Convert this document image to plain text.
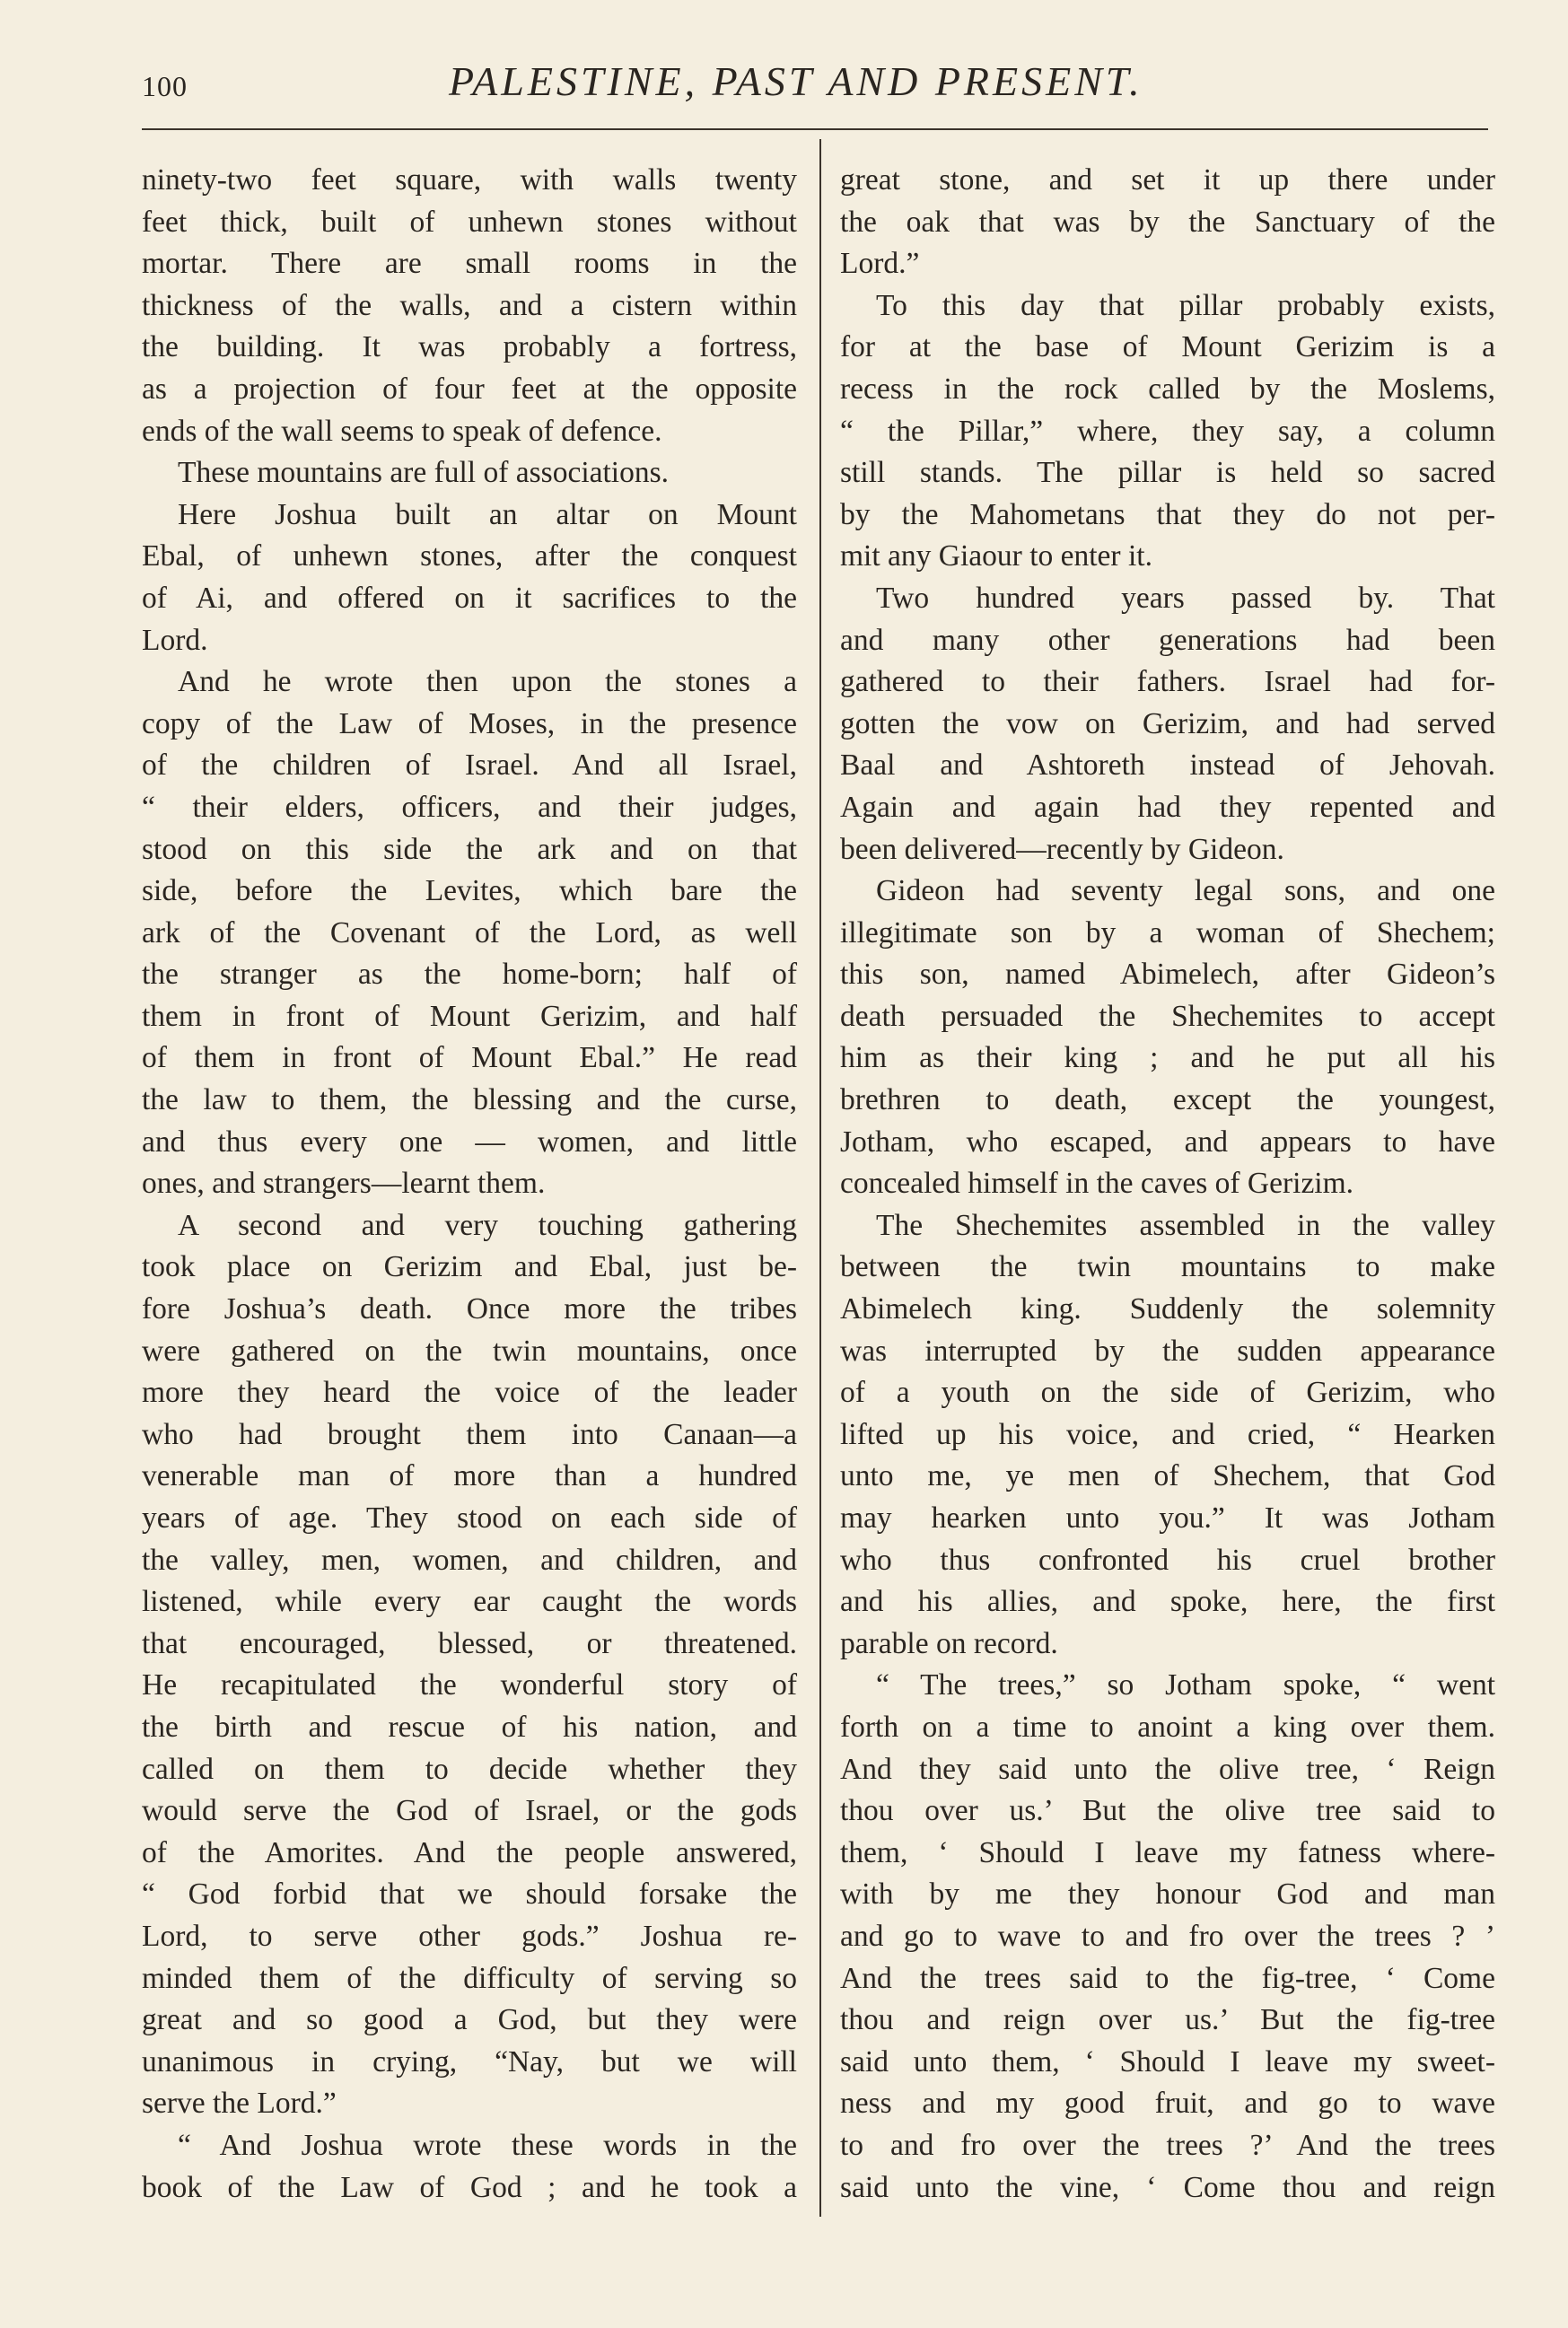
100	PALESTINE, PAST AND PRESENT.
ninety-two feet square, with walls twenty
feet thick, built of unhewn stones without
mortar. There are small rooms in the
thickness of the walls, and a cistern within
the building. It was probably a fortress,
as a projection of four feet at the opposite
ends of the wall seems to speak of defence.
These mountains are full of associations.
Here Joshua built an altar on Mount
Ebal, of unhewn stones, after the conquest
of Ai, and offered on it sacrifices to the
Lord.
And he wrote then upon the stones a
copy of the Law of Moses, in the presence
of the children of Israel. And all Israel,
“ their elders, officers, and their judges,
stood on this side the ark and on that
side, before the Levites, which bare the
ark of the Covenant of the Lord, as well
the stranger as the home-born; half of
them in front of Mount Gerizim, and half
of them in front of Mount Ebal.” He read
the law to them, the blessing and the curse,
and thus every one — women, and little
ones, and strangers—learnt them.
A second and very touching gathering
took place on Gerizim and Ebal, just be-
fore Joshua’s death. Once more the tribes
were gathered on the twin mountains, once
more they heard the voice of the leader
who had brought them into Canaan—a
venerable man of more than a hundred
years of age. They stood on each side of
the valley, men, women, and children, and
listened, while every ear caught the words
that encouraged, blessed, or threatened.
He recapitulated the wonderful story of
the birth and rescue of his nation, and
called on them to decide whether they
would serve the God of Israel, or the gods
of the Amorites. And the people answered,
“ God forbid that we should forsake the
Lord, to serve other gods.” Joshua re-
minded them of the difficulty of serving so
great and so good a God, but they were
unanimous in crying, “Nay, but we will
serve the Lord.”
“ And Joshua wrote these words in the
book of the Law of God ; and he took a
great stone, and set it up there under
the oak that was by the Sanctuary of the
Lord.”
To this day that pillar probably exists,
for at the base of Mount Gerizim is a
recess in the rock called by the Moslems,
“ the Pillar,” where, they say, a column
still stands. The pillar is held so sacred
by the Mahometans that they do not per-
mit any Giaour to enter it.
Two hundred years passed by. That
and many other generations had been
gathered to their fathers. Israel had for-
gotten the vow on Gerizim, and had served
Baal and Ashtoreth instead of Jehovah.
Again and again had they repented and
been delivered—recently by Gideon.
Gideon had seventy legal sons, and one
illegitimate son by a woman of Shechem;
this son, named Abimelech, after Gideon’s
death persuaded the Shechemites to accept
him as their king ; and he put all his
brethren to death, except the youngest,
Jotham, who escaped, and appears to have
concealed himself in the caves of Gerizim.
The Shechemites assembled in the valley
between the twin mountains to make
Abimelech king. Suddenly the solemnity
was interrupted by the sudden appearance
of a youth on the side of Gerizim, who
lifted up his voice, and cried, “ Hearken
unto me, ye men of Shechem, that God
may hearken unto you.” It was Jotham
who thus confronted his cruel brother
and his allies, and spoke, here, the first
parable on record.
“ The trees,” so Jotham spoke, “ went
forth on a time to anoint a king over them.
And they said unto the olive tree, ‘ Reign
thou over us.’ But the olive tree said to
them, ‘ Should I leave my fatness where-
with by me they honour God and man
and go to wave to and fro over the trees ? ’
And the trees said to the fig-tree, ‘ Come
thou and reign over us.’ But the fig-tree
said unto them, ‘ Should I leave my sweet-
ness and my good fruit, and go to wave
to and fro over the trees ?’ And the trees
said unto the vine, ‘ Come thou and reign
